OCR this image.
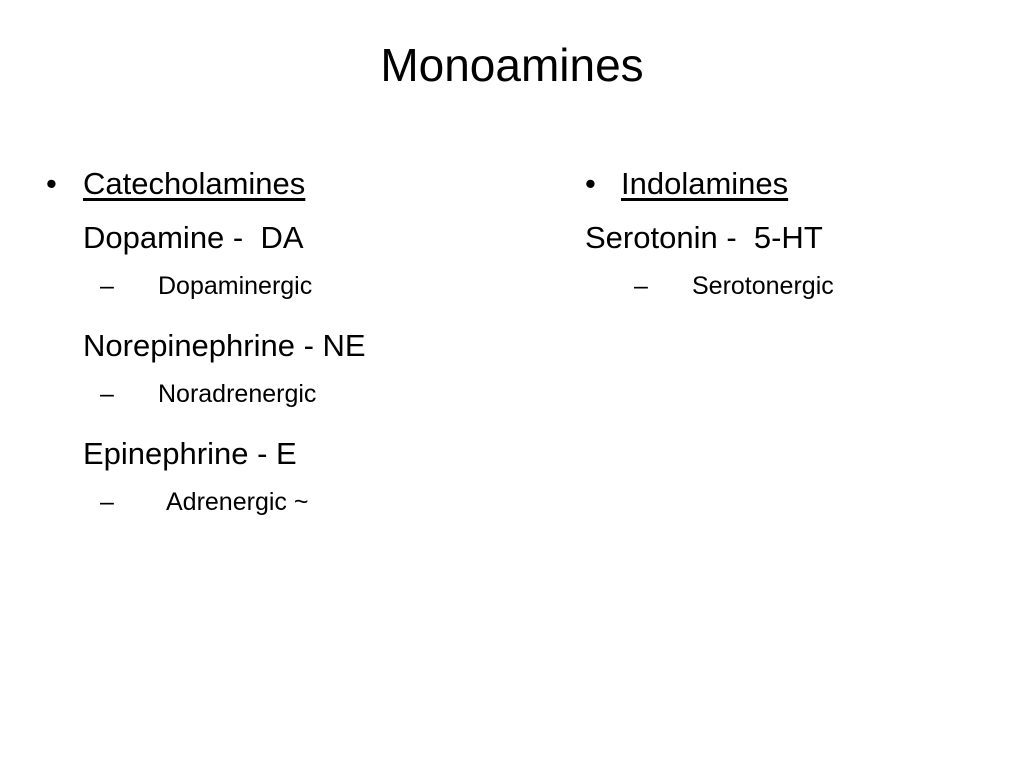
Monoamines
• Catecholamines
Dopamine -  DA
–	Dopaminergic
Norepinephrine - NE
–	Noradrenergic
Epinephrine - E
–	Adrenergic ~
• Indolamines
Serotonin -  5-HT
–	Serotonergic
